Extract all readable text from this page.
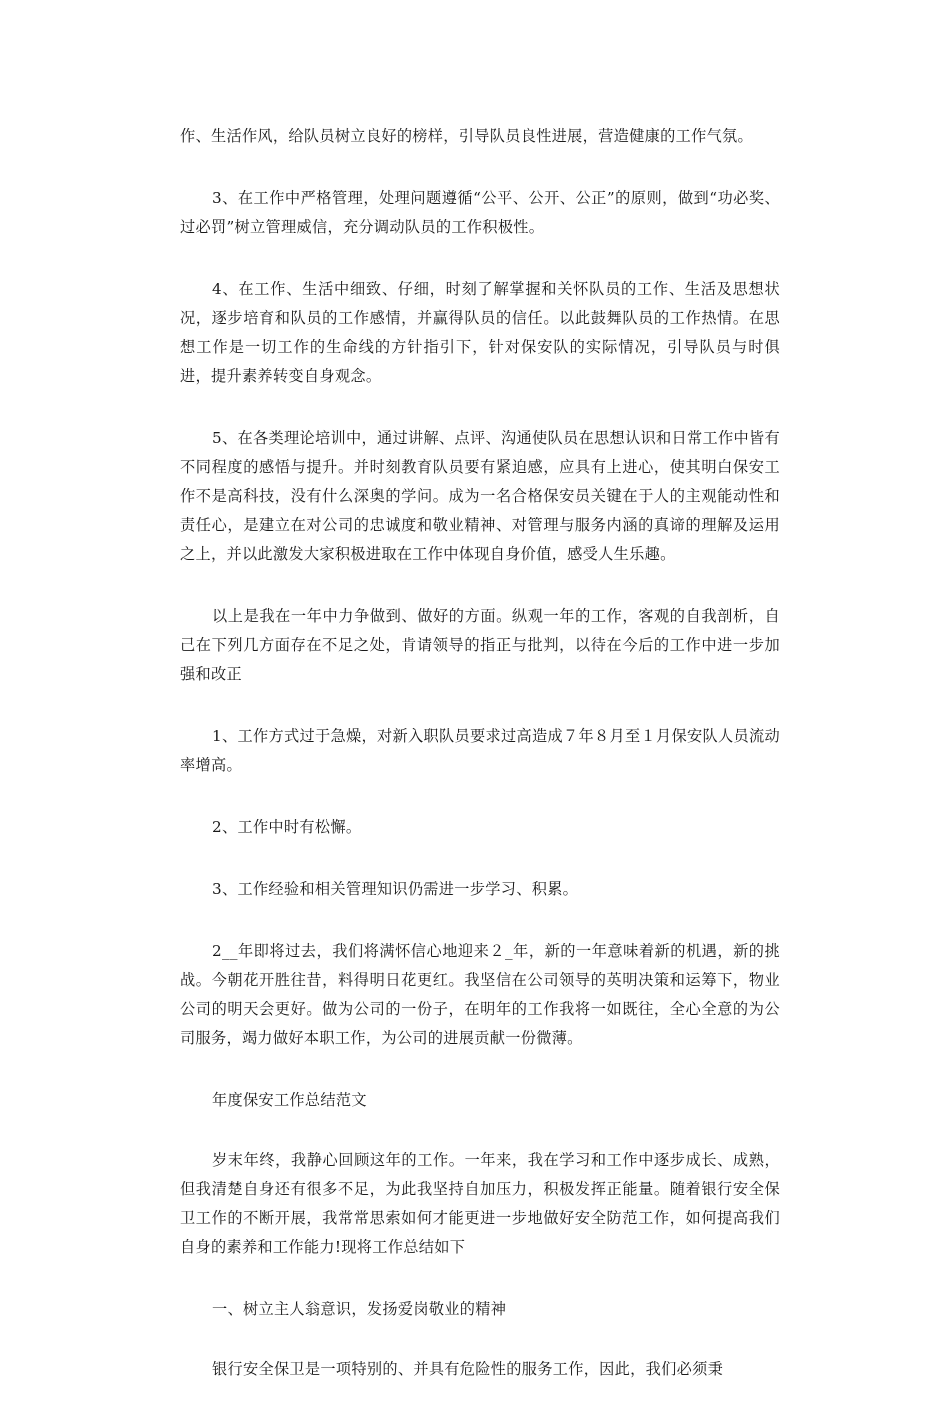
作、生活作风，给队员树立良好的榜样，引导队员良性进展，营造健康的工作气氛。

3、在工作中严格管理，处理问题遵循“公平、公开、公正”的原则，做到“功必奖、过必罚”树立管理威信，充分调动队员的工作积极性。

4、在工作、生活中细致、仔细，时刻了解掌握和关怀队员的工作、生活及思想状况，逐步培育和队员的工作感情，并赢得队员的信任。以此鼓舞队员的工作热情。在思想工作是一切工作的生命线的方针指引下，针对保安队的实际情况，引导队员与时俱进，提升素养转变自身观念。

5、在各类理论培训中，通过讲解、点评、沟通使队员在思想认识和日常工作中皆有不同程度的感悟与提升。并时刻教育队员要有紧迫感，应具有上进心，使其明白保安工作不是高科技，没有什么深奥的学问。成为一名合格保安员关键在于人的主观能动性和责任心，是建立在对公司的忠诚度和敬业精神、对管理与服务内涵的真谛的理解及运用之上，并以此激发大家积极进取在工作中体现自身价值，感受人生乐趣。

以上是我在一年中力争做到、做好的方面。纵观一年的工作，客观的自我剖析，自己在下列几方面存在不足之处，肯请领导的指正与批判，以待在今后的工作中进一步加强和改正

1、工作方式过于急燥，对新入职队员要求过高造成７年８月至１月保安队人员流动率增高。

2、工作中时有松懈。

3、工作经验和相关管理知识仍需进一步学习、积累。

2__年即将过去，我们将满怀信心地迎来２_年，新的一年意味着新的机遇，新的挑战。今朝花开胜往昔，料得明日花更红。我坚信在公司领导的英明决策和运筹下，物业公司的明天会更好。做为公司的一份子，在明年的工作我将一如既往，全心全意的为公司服务，竭力做好本职工作，为公司的进展贡献一份微薄。

年度保安工作总结范文

岁末年终，我静心回顾这年的工作。一年来，我在学习和工作中逐步成长、成熟，但我清楚自身还有很多不足，为此我坚持自加压力，积极发挥正能量。随着银行安全保卫工作的不断开展，我常常思索如何才能更进一步地做好安全防范工作，如何提高我们自身的素养和工作能力!现将工作总结如下

一、树立主人翁意识，发扬爱岗敬业的精神

银行安全保卫是一项特别的、并具有危险性的服务工作，因此，我们必须秉
